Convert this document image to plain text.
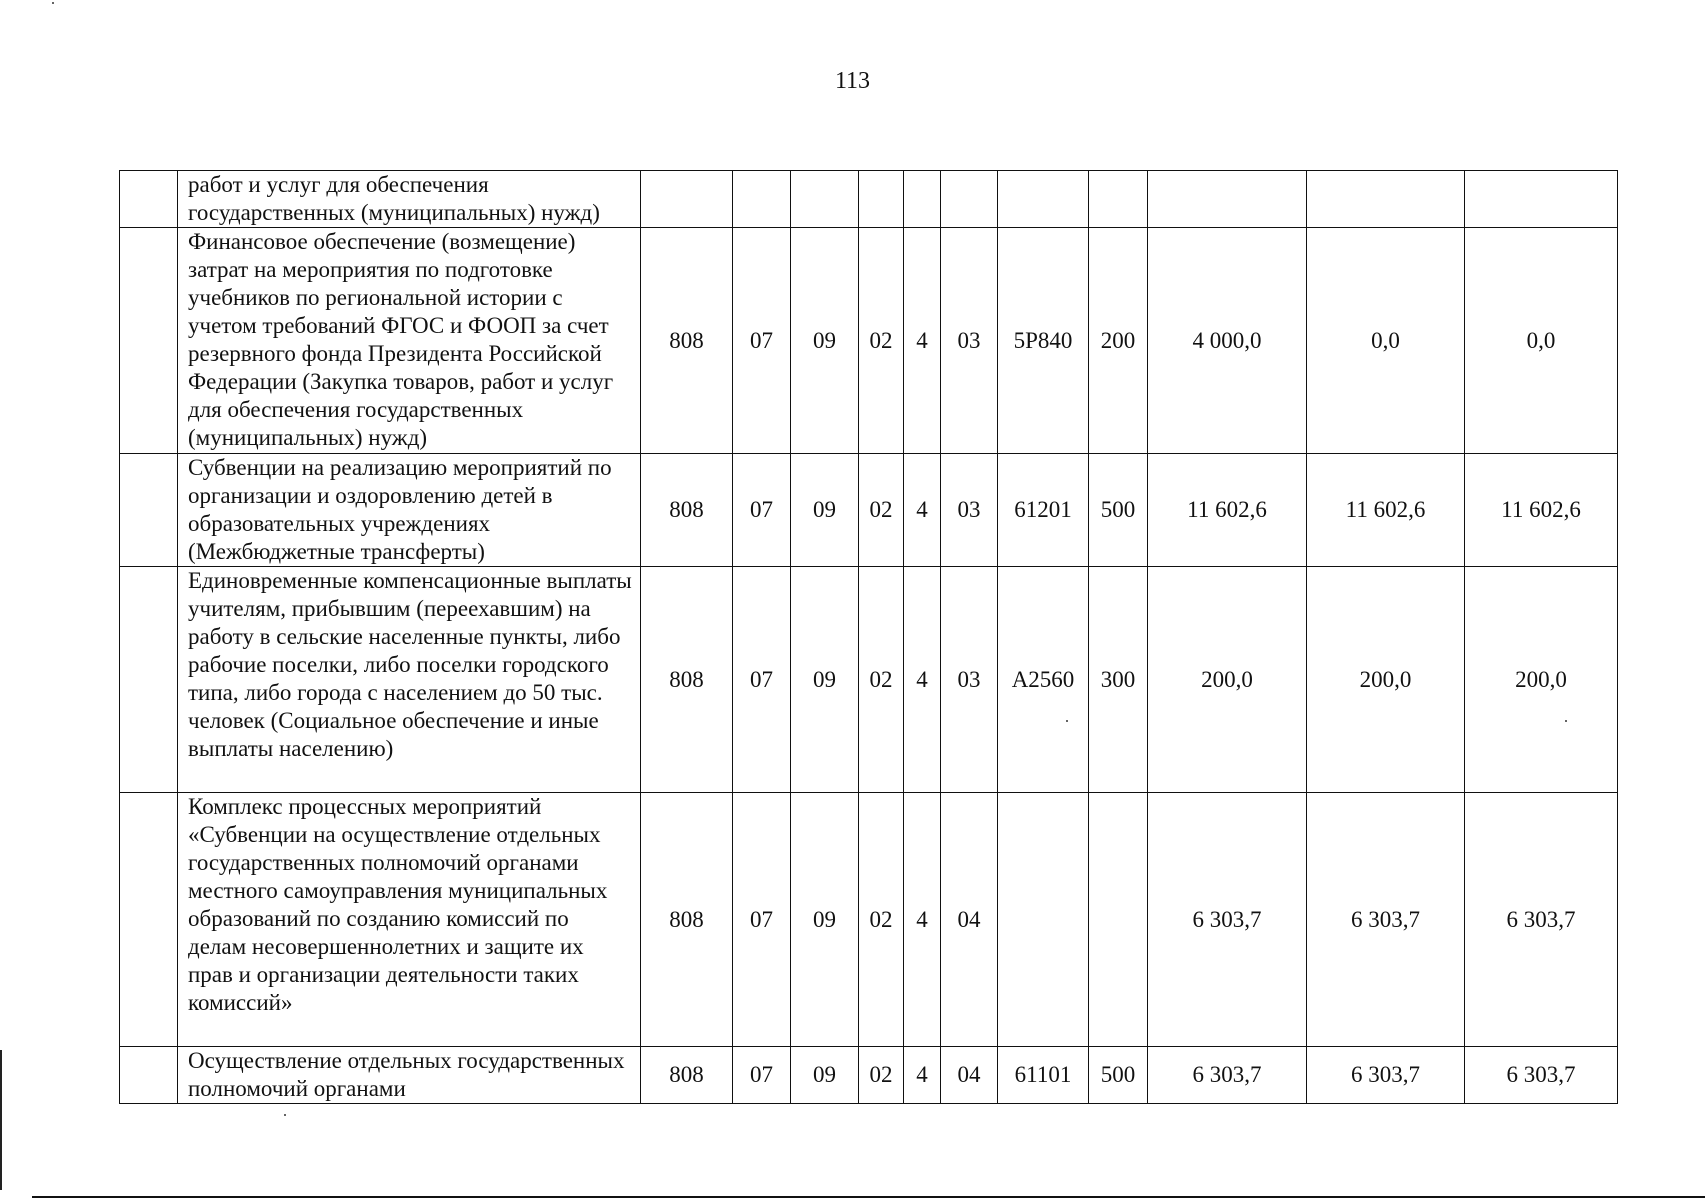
113
	работ и услуг для обеспечения государственных (муниципальных) нужд)											
	Финансовое обеспечение (возмещение) затрат на мероприятия по подготовке учебников по региональной истории с учетом требований ФГОС и ФООП за счет резервного фонда Президента Российской Федерации (Закупка товаров, работ и услуг для обеспечения государственных (муниципальных) нужд)	808	07	09	02	4	03	5Р840	200	4 000,0	0,0	0,0
	Субвенции на реализацию мероприятий по организации и оздоровлению детей в образовательных учреждениях (Межбюджетные трансферты)	808	07	09	02	4	03	61201	500	11 602,6	11 602,6	11 602,6
	Единовременные компенсационные выплаты учителям, прибывшим (переехавшим) на работу в сельские населенные пункты, либо рабочие поселки, либо поселки городского типа, либо города с населением до 50 тыс. человек (Социальное обеспечение и иные выплаты населению)	808	07	09	02	4	03	А2560	300	200,0	200,0	200,0
	Комплекс процессных мероприятий «Субвенции на осуществление отдельных государственных полномочий органами местного самоуправления муниципальных образований по созданию комиссий по делам несовершеннолетних и защите их прав и организации деятельности таких комиссий»	808	07	09	02	4	04			6 303,7	6 303,7	6 303,7
	Осуществление отдельных государственных полномочий органами	808	07	09	02	4	04	61101	500	6 303,7	6 303,7	6 303,7
